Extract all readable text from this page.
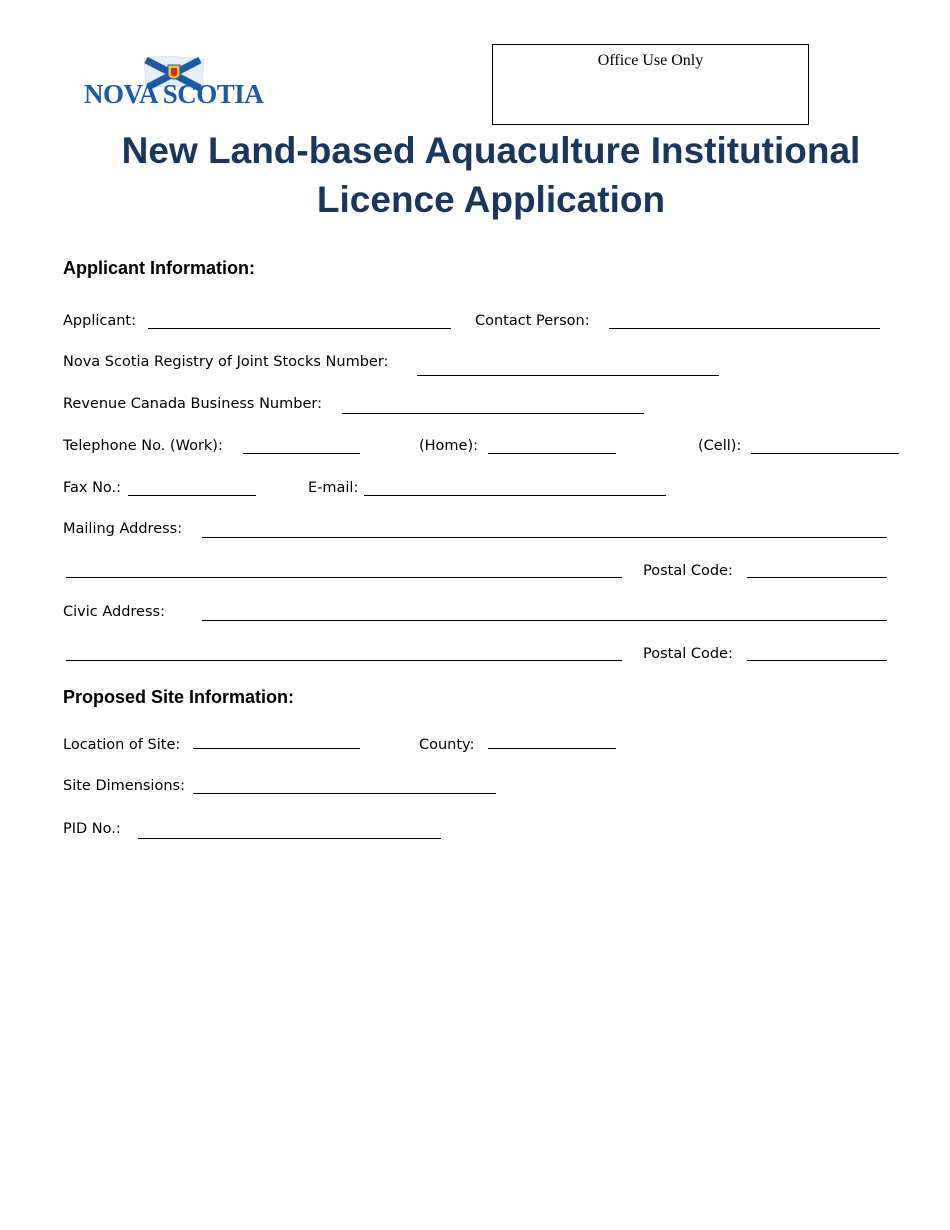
NOVA SCOTIA
Office Use Only
New Land-based Aquaculture Institutional
Licence Application
Applicant Information:
Applicant:	Contact Person:
Nova Scotia Registry of Joint Stocks Number:
Revenue Canada Business Number:
Telephone No. (Work):	(Home):	(Cell):
Fax No.:	E-mail:
Mailing Address:
Postal Code:
Civic Address:
Postal Code:
Proposed Site Information:
Location of Site:	County:
Site Dimensions:
PID No.:
